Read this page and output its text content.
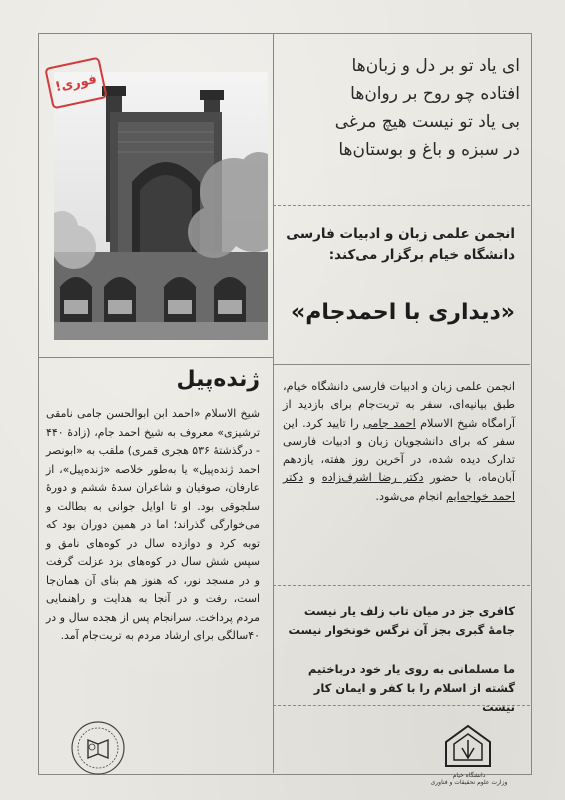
فوری!
ای یاد تو بر دل و زبان‌ها
افتاده چو روح بر روان‌ها
بی یاد تو نیست هیچ مرغی
در سبزه و باغ و بوستان‌ها
انجمن علمی زبان و ادبیات فارسی
دانشگاه خیام برگزار می‌کند:
«دیداری با احمدجام»
انجمن علمی زبان و ادبیات فارسی دانشگاه خیام، طبق بیانیه‌ای، سفر به تربت‌جام برای بازدید از آرامگاه شیخ الاسلام احمد جامی را تایید کرد. این سفر که برای دانشجویان زبان و ادبیات فارسی تدارک دیده شده، در آخرین روز هفته، یازدهم آبان‌ماه، با حضور دکتر رضا اشرف‌زاده و دکتر احمد خواجه‌ایم انجام می‌شود.
کافری جز در میان تاب زلف یار نیست
جامهٔ گبری بجز آن نرگس خونخوار نیست
ما مسلمانی به روی یار خود درباختیم
گشته از اسلام را با کفر و ایمان کار نیست
ژنده‌پیل
شیخ الاسلام «احمد ابن ابوالحسن جامی نامقی ترشیزی» معروف به شیخ احمد جام، (زادهٔ ۴۴۰ - درگذشتهٔ ۵۳۶ هجری قمری) ملقب به «ابونصر احمد ژنده‌پیل» یا به‌طور خلاصه «ژنده‌پیل»، از عارفان، صوفیان و شاعران سدهٔ ششم و دورهٔ سلجوقی بود. او تا اوایل جوانی به بطالت و می‌خوارگی گذراند؛ اما در همین دوران بود که توبه کرد و دوازده سال در کوه‌های نامق و سپس شش سال در کوه‌های بزد عزلت گرفت و در مسجد نور، که هنوز هم بنای آن همان‌جا است، رفت و در آنجا به هدایت و راهنمایی مردم پرداخت. سرانجام پس از هجده سال و در ۴۰سالگی برای ارشاد مردم به تربت‌جام آمد.
دانشگاه خیام
وزارت علوم تحقیقات و فناوری
